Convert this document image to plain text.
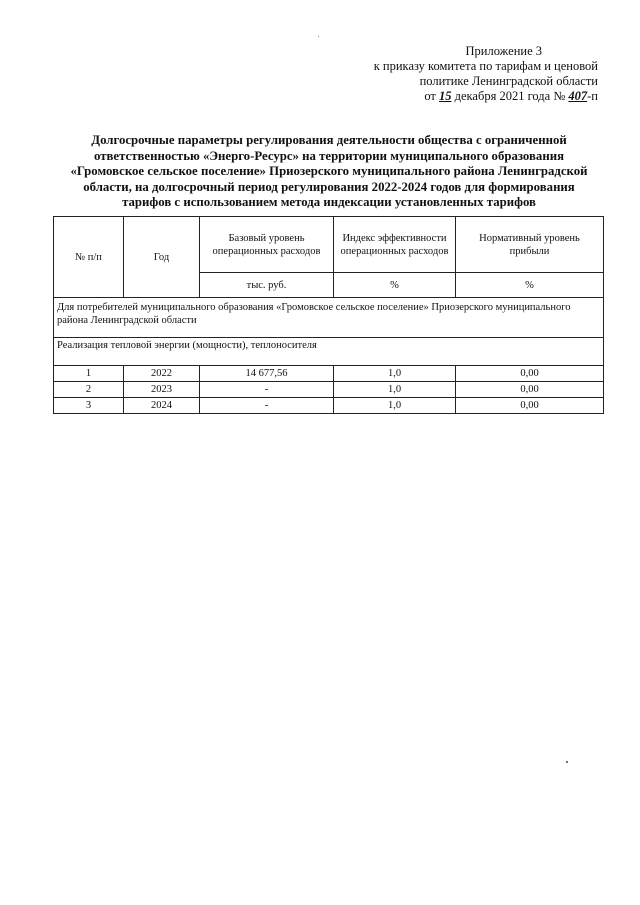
Приложение 3
к приказу комитета по тарифам и ценовой
политике Ленинградской области
от 15 декабря 2021 года № 407-п
Долгосрочные параметры регулирования деятельности общества с ограниченной ответственностью «Энерго-Ресурс» на территории муниципального образования «Громовское сельское поселение» Приозерского муниципального района Ленинградской области, на долгосрочный период регулирования 2022-2024 годов для формирования тарифов с использованием метода индексации установленных тарифов
№ п/п	Год	Базовый уровень операционных расходов	Индекс эффективности операционных расходов	Нормативный уровень прибыли
		тыс. руб.	%	%
Для потребителей муниципального образования «Громовское сельское поселение» Приозерского муниципального района Ленинградской области				
Реализация тепловой энергии (мощности), теплоносителя				
1	2022	14 677,56	1,0	0,00
2	2023	-	1,0	0,00
3	2024	-	1,0	0,00
